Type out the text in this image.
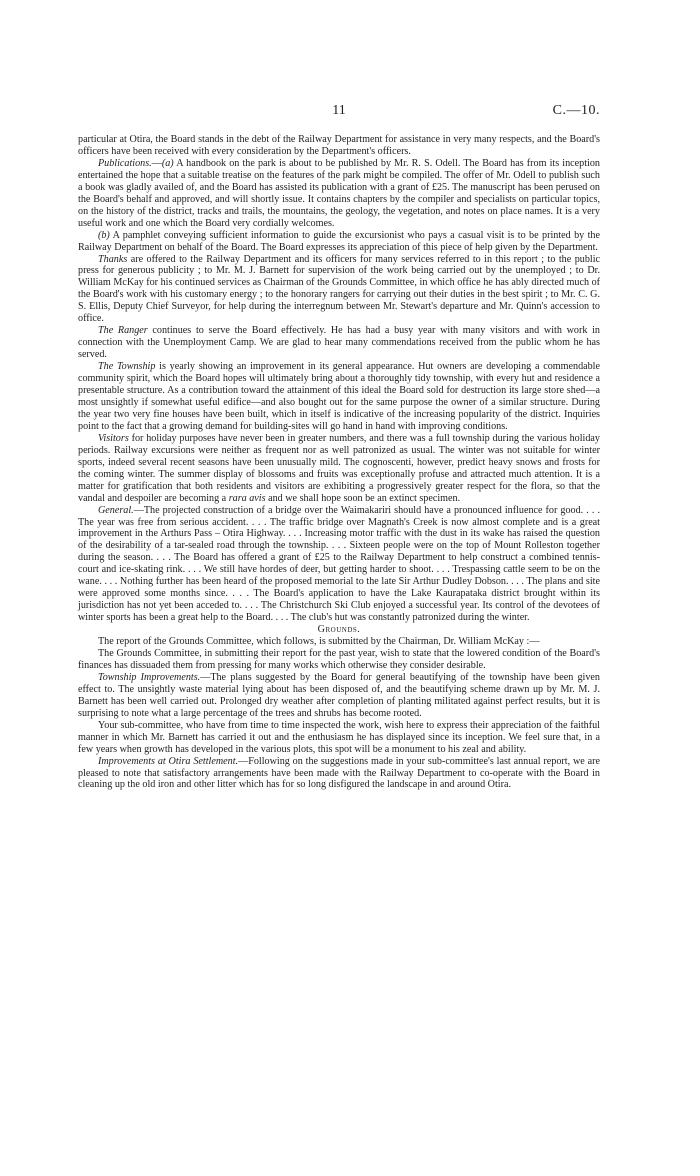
11	C.—10.

particular at Otira, the Board stands in the debt of the Railway Department for assistance in very many respects, and the Board's officers have been received with every consideration by the Department's officers.

Publications.—(a) A handbook on the park is about to be published by Mr. R. S. Odell. The Board has from its inception entertained the hope that a suitable treatise on the features of the park might be compiled. The offer of Mr. Odell to publish such a book was gladly availed of, and the Board has assisted its publication with a grant of £25. The manuscript has been perused on the Board's behalf and approved, and will shortly issue. It contains chapters by the compiler and specialists on particular topics, on the history of the district, tracks and trails, the mountains, the geology, the vegetation, and notes on place names. It is a very useful work and one which the Board very cordially welcomes.

(b) A pamphlet conveying sufficient information to guide the excursionist who pays a casual visit is to be printed by the Railway Department on behalf of the Board. The Board expresses its appreciation of this piece of help given by the Department.

Thanks are offered to the Railway Department and its officers for many services referred to in this report ; to the public press for generous publicity ; to Mr. M. J. Barnett for supervision of the work being carried out by the unemployed ; to Dr. William McKay for his continued services as Chairman of the Grounds Committee, in which office he has ably directed much of the Board's work with his customary energy ; to the honorary rangers for carrying out their duties in the best spirit ; to Mr. C. G. S. Ellis, Deputy Chief Surveyor, for help during the interregnum between Mr. Stewart's departure and Mr. Quinn's accession to office.

The Ranger continues to serve the Board effectively. He has had a busy year with many visitors and with work in connection with the Unemployment Camp. We are glad to hear many commendations received from the public whom he has served.

The Township is yearly showing an improvement in its general appearance. Hut owners are developing a commendable community spirit, which the Board hopes will ultimately bring about a thoroughly tidy township, with every hut and residence a presentable structure. As a contribution toward the attainment of this ideal the Board sold for destruction its large store shed—a most unsightly if somewhat useful edifice—and also bought out for the same purpose the owner of a similar structure. During the year two very fine houses have been built, which in itself is indicative of the increasing popularity of the district. Inquiries point to the fact that a growing demand for building-sites will go hand in hand with improving conditions.

Visitors for holiday purposes have never been in greater numbers, and there was a full township during the various holiday periods. Railway excursions were neither as frequent nor as well patronized as usual. The winter was not suitable for winter sports, indeed several recent seasons have been unusually mild. The cognoscenti, however, predict heavy snows and frosts for the coming winter. The summer display of blossoms and fruits was exceptionally profuse and attracted much attention. It is a matter for gratification that both residents and visitors are exhibiting a progressively greater respect for the flora, so that the vandal and despoiler are becoming a rara avis and we shall hope soon be an extinct specimen.

General.—The projected construction of a bridge over the Waimakariri should have a pronounced influence for good. . . . The year was free from serious accident. . . . The traffic bridge over Magnath's Creek is now almost complete and is a great improvement in the Arthurs Pass – Otira Highway. . . . Increasing motor traffic with the dust in its wake has raised the question of the desirability of a tar-sealed road through the township. . . . Sixteen people were on the top of Mount Rolleston together during the season. . . . The Board has offered a grant of £25 to the Railway Department to help construct a combined tennis-court and ice-skating rink. . . . We still have hordes of deer, but getting harder to shoot. . . . Trespassing cattle seem to be on the wane. . . . Nothing further has been heard of the proposed memorial to the late Sir Arthur Dudley Dobson. . . . The plans and site were approved some months since. . . . The Board's application to have the Lake Kaurapataka district brought within its jurisdiction has not yet been acceded to. . . . The Christchurch Ski Club enjoyed a successful year. Its control of the devotees of winter sports has been a great help to the Board. . . . The club's hut was constantly patronized during the winter.

Grounds.

The report of the Grounds Committee, which follows, is submitted by the Chairman, Dr. William McKay :—

The Grounds Committee, in submitting their report for the past year, wish to state that the lowered condition of the Board's finances has dissuaded them from pressing for many works which otherwise they consider desirable.

Township Improvements.—The plans suggested by the Board for general beautifying of the township have been given effect to. The unsightly waste material lying about has been disposed of, and the beautifying scheme drawn up by Mr. M. J. Barnett has been well carried out. Prolonged dry weather after completion of planting militated against perfect results, but it is surprising to note what a large percentage of the trees and shrubs has become rooted.

Your sub-committee, who have from time to time inspected the work, wish here to express their appreciation of the faithful manner in which Mr. Barnett has carried it out and the enthusiasm he has displayed since its inception. We feel sure that, in a few years when growth has developed in the various plots, this spot will be a monument to his zeal and ability.

Improvements at Otira Settlement.—Following on the suggestions made in your sub-committee's last annual report, we are pleased to note that satisfactory arrangements have been made with the Railway Department to co-operate with the Board in cleaning up the old iron and other litter which has for so long disfigured the landscape in and around Otira.
